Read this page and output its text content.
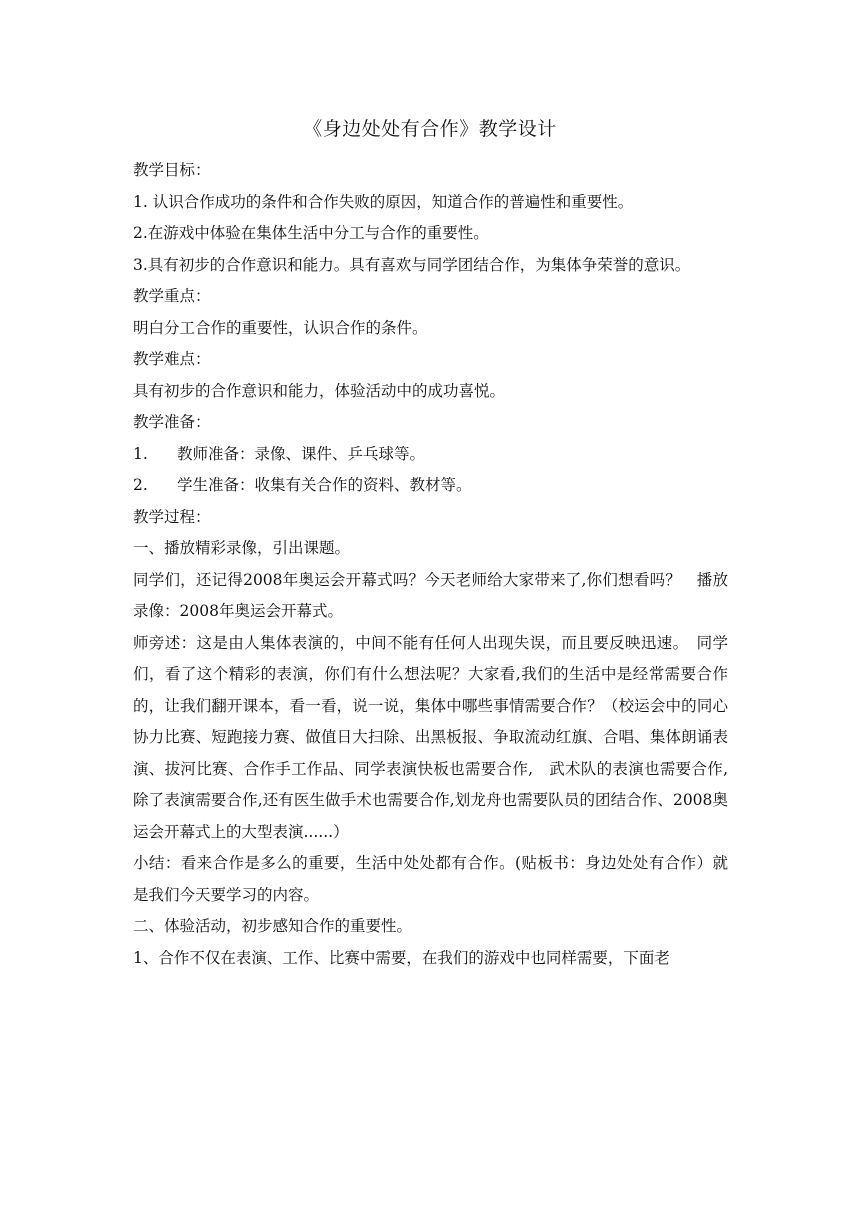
《身边处处有合作》教学设计

教学目标：

1. 认识合作成功的条件和合作失败的原因，知道合作的普遍性和重要性。

2.在游戏中体验在集体生活中分工与合作的重要性。

3.具有初步的合作意识和能力。具有喜欢与同学团结合作，为集体争荣誉的意识。

教学重点：

明白分工合作的重要性，认识合作的条件。

教学难点：

具有初步的合作意识和能力，体验活动中的成功喜悦。

教学准备：

1. 教师准备：录像、课件、乒乓球等。

2. 学生准备：收集有关合作的资料、教材等。

教学过程：

一、播放精彩录像，引出课题。

同学们，还记得2008年奥运会开幕式吗？今天老师给大家带来了,你们想看吗？　播放录像：2008年奥运会开幕式。

师旁述：这是由人集体表演的，中间不能有任何人出现失误，而且要反映迅速。　同学们，看了这个精彩的表演，你们有什么想法呢？大家看,我们的生活中是经常需要合作的，让我们翻开课本，看一看，说一说，集体中哪些事情需要合作？（校运会中的同心协力比赛、短跑接力赛、做值日大扫除、出黑板报、争取流动红旗、合唱、集体朗诵表演、拔河比赛、合作手工作品、同学表演快板也需要合作,　武术队的表演也需要合作,除了表演需要合作,还有医生做手术也需要合作,划龙舟也需要队员的团结合作、2008奥运会开幕式上的大型表演......）

小结：看来合作是多么的重要，生活中处处都有合作。(贴板书：身边处处有合作）就是我们今天要学习的内容。

二、体验活动，初步感知合作的重要性。

1、合作不仅在表演、工作、比赛中需要，在我们的游戏中也同样需要，下面老
